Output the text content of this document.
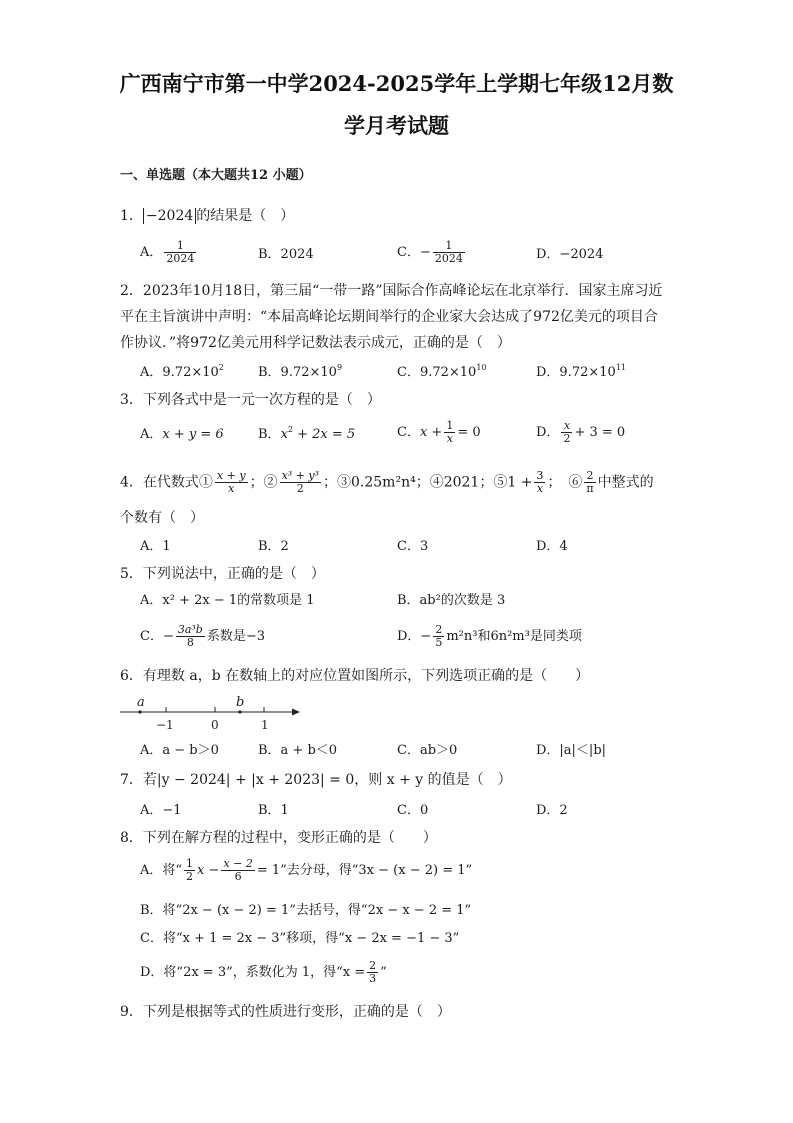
广西南宁市第一中学2024-2025学年上学期七年级12月数
学月考试题
一、单选题（本大题共12 小题）
1． −2024 的结果是（　）
A． $\frac{1}{2024}$	B．2024	C．− $\frac{1}{2024}$	D．−2024
2．2023年10月18日，第三届“一带一路”国际合作高峰论坛在北京举行．国家主席习近平在主旨演讲中声明：“本届高峰论坛期间举行的企业家大会达成了972亿美元的项目合作协议．”将972亿美元用科学记数法表示成元，正确的是（　）
A．$9.72\times 10^2$	B．$9.72\times 10^9$	C．$9.72\times 10^{10}$	D．$9.72\times 10^{11}$
3．下列各式中是一元一次方程的是（　）
A．x + y = 6	B．$x^2 + 2x = 5$	C．$x + \frac{1}{x} = 0$	D． $\frac{x}{2} + 3 = 0$
4．在代数式① $\frac{x + y}{x}$ ；② $\frac{\text{x³ + y³}}{2}$ ；③0.25m²n⁴；④2021；⑤1 + $\frac{3}{x}$ ；　⑥ $\frac{2}{\pi}$ 中整式的
个数有（　）
A．1	B．2	C．3	D．4
5．下列说法中，正确的是（　）
A．x² + 2x − 1的常数项是 1	B．ab²的次数是 3
C．− $\frac{\text{3a³b}}{8}$ 系数是−3	D．− $\frac{2}{5} m^2n^3$和6n²m³是同类项
6．有理数 a，b 在数轴上的对应位置如图所示，下列选项正确的是（　　）
a	b
−1	0	1
A．a − b＞0	B．a + b＜0	C．ab＞0	D．|a|＜|b|
7．若|y − 2024| + |x + 2023| = 0，则 x + y 的值是（　）
A．−1	B．1	C．0	D．2
8．下列在解方程的过程中，变形正确的是（　　）
A．将“ $\frac{1}{2}$ $x - \frac{x - 2}{6} = 1$”去分母，得“3x − (x − 2) = 1”
B．将“2x − (x − 2) = 1”去括号，得“2x − x − 2 = 1”
C．将“x + 1 = 2x − 3”移项，得“x − 2x = −1 − 3”
D．将“2x = 3”，系数化为 1，得“$x = \frac{2}{3}$ ”
9．下列是根据等式的性质进行变形，正确的是（　）
